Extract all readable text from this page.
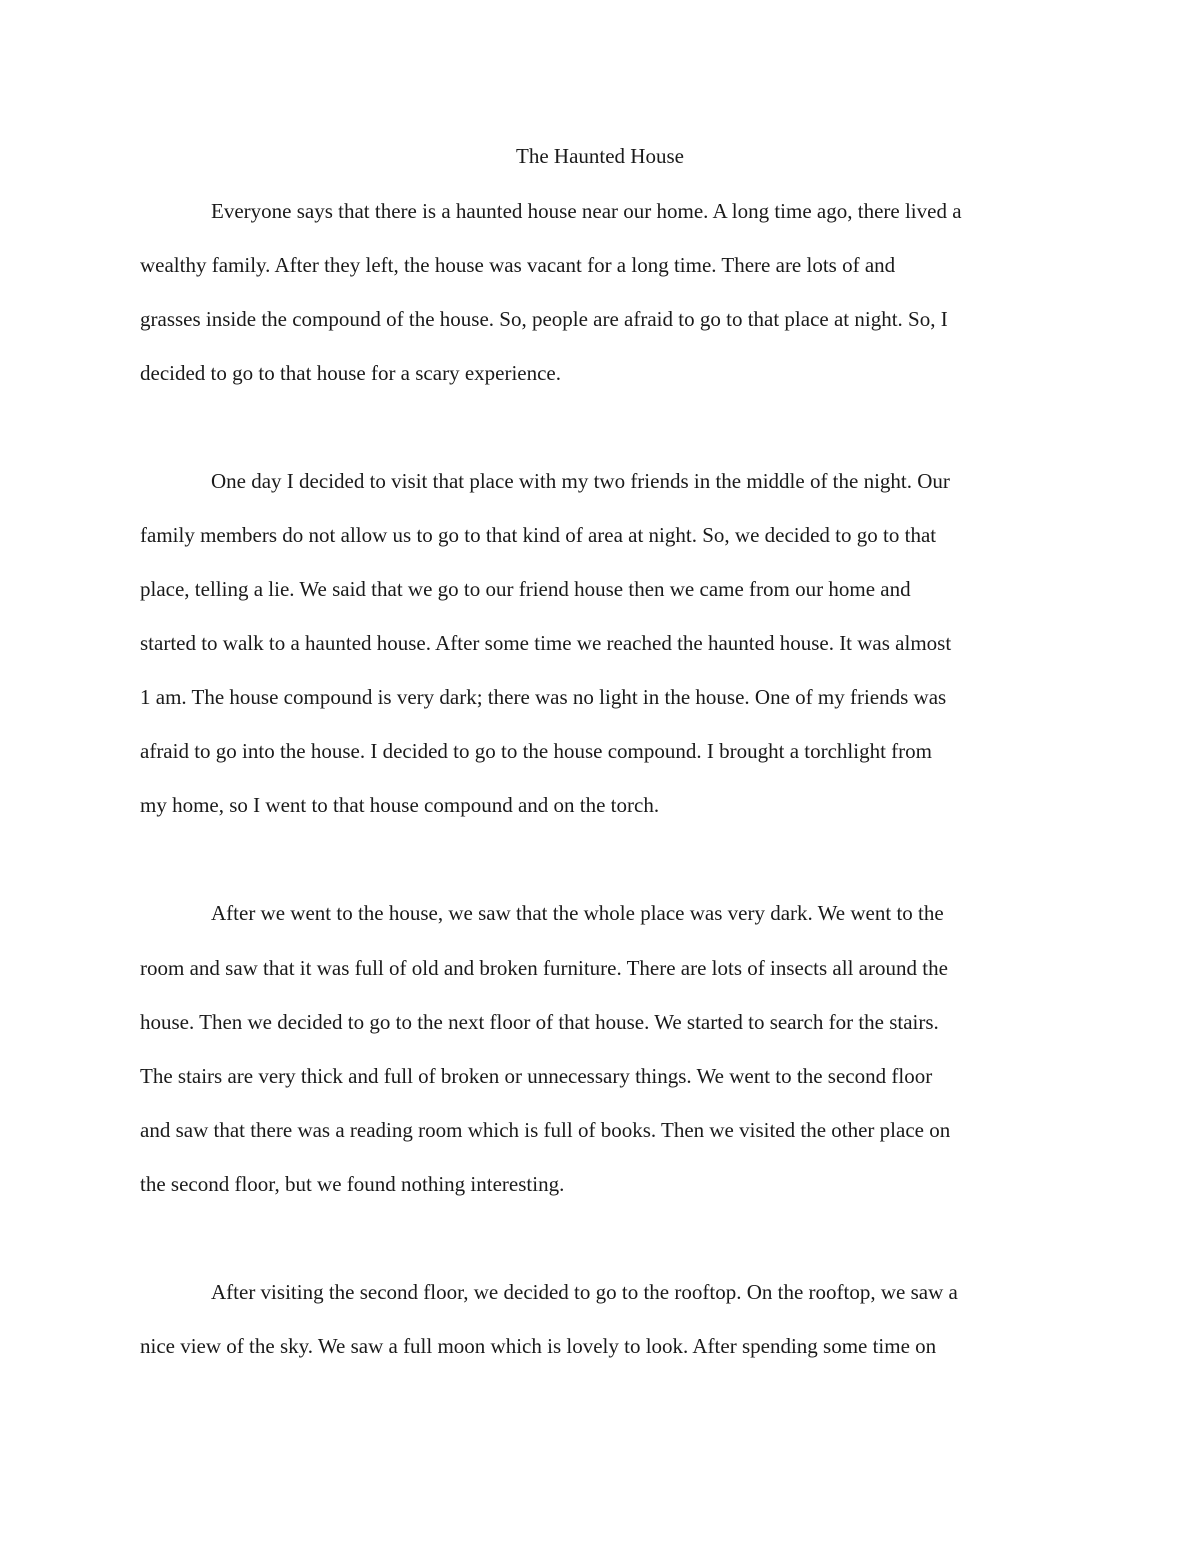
The Haunted House

Everyone says that there is a haunted house near our home. A long time ago, there lived a

wealthy family. After they left, the house was vacant for a long time. There are lots of and

grasses inside the compound of the house. So, people are afraid to go to that place at night. So, I

decided to go to that house for a scary experience.

One day I decided to visit that place with my two friends in the middle of the night. Our

family members do not allow us to go to that kind of area at night. So, we decided to go to that

place, telling a lie. We said that we go to our friend house then we came from our home and

started to walk to a haunted house. After some time we reached the haunted house. It was almost

1 am. The house compound is very dark; there was no light in the house. One of my friends was

afraid to go into the house. I decided to go to the house compound. I brought a torchlight from

my home, so I went to that house compound and on the torch.

After we went to the house, we saw that the whole place was very dark. We went to the

room and saw that it was full of old and broken furniture. There are lots of insects all around the

house. Then we decided to go to the next floor of that house. We started to search for the stairs.

The stairs are very thick and full of broken or unnecessary things. We went to the second floor

and saw that there was a reading room which is full of books. Then we visited the other place on

the second floor, but we found nothing interesting.

After visiting the second floor, we decided to go to the rooftop. On the rooftop, we saw a

nice view of the sky. We saw a full moon which is lovely to look. After spending some time on
